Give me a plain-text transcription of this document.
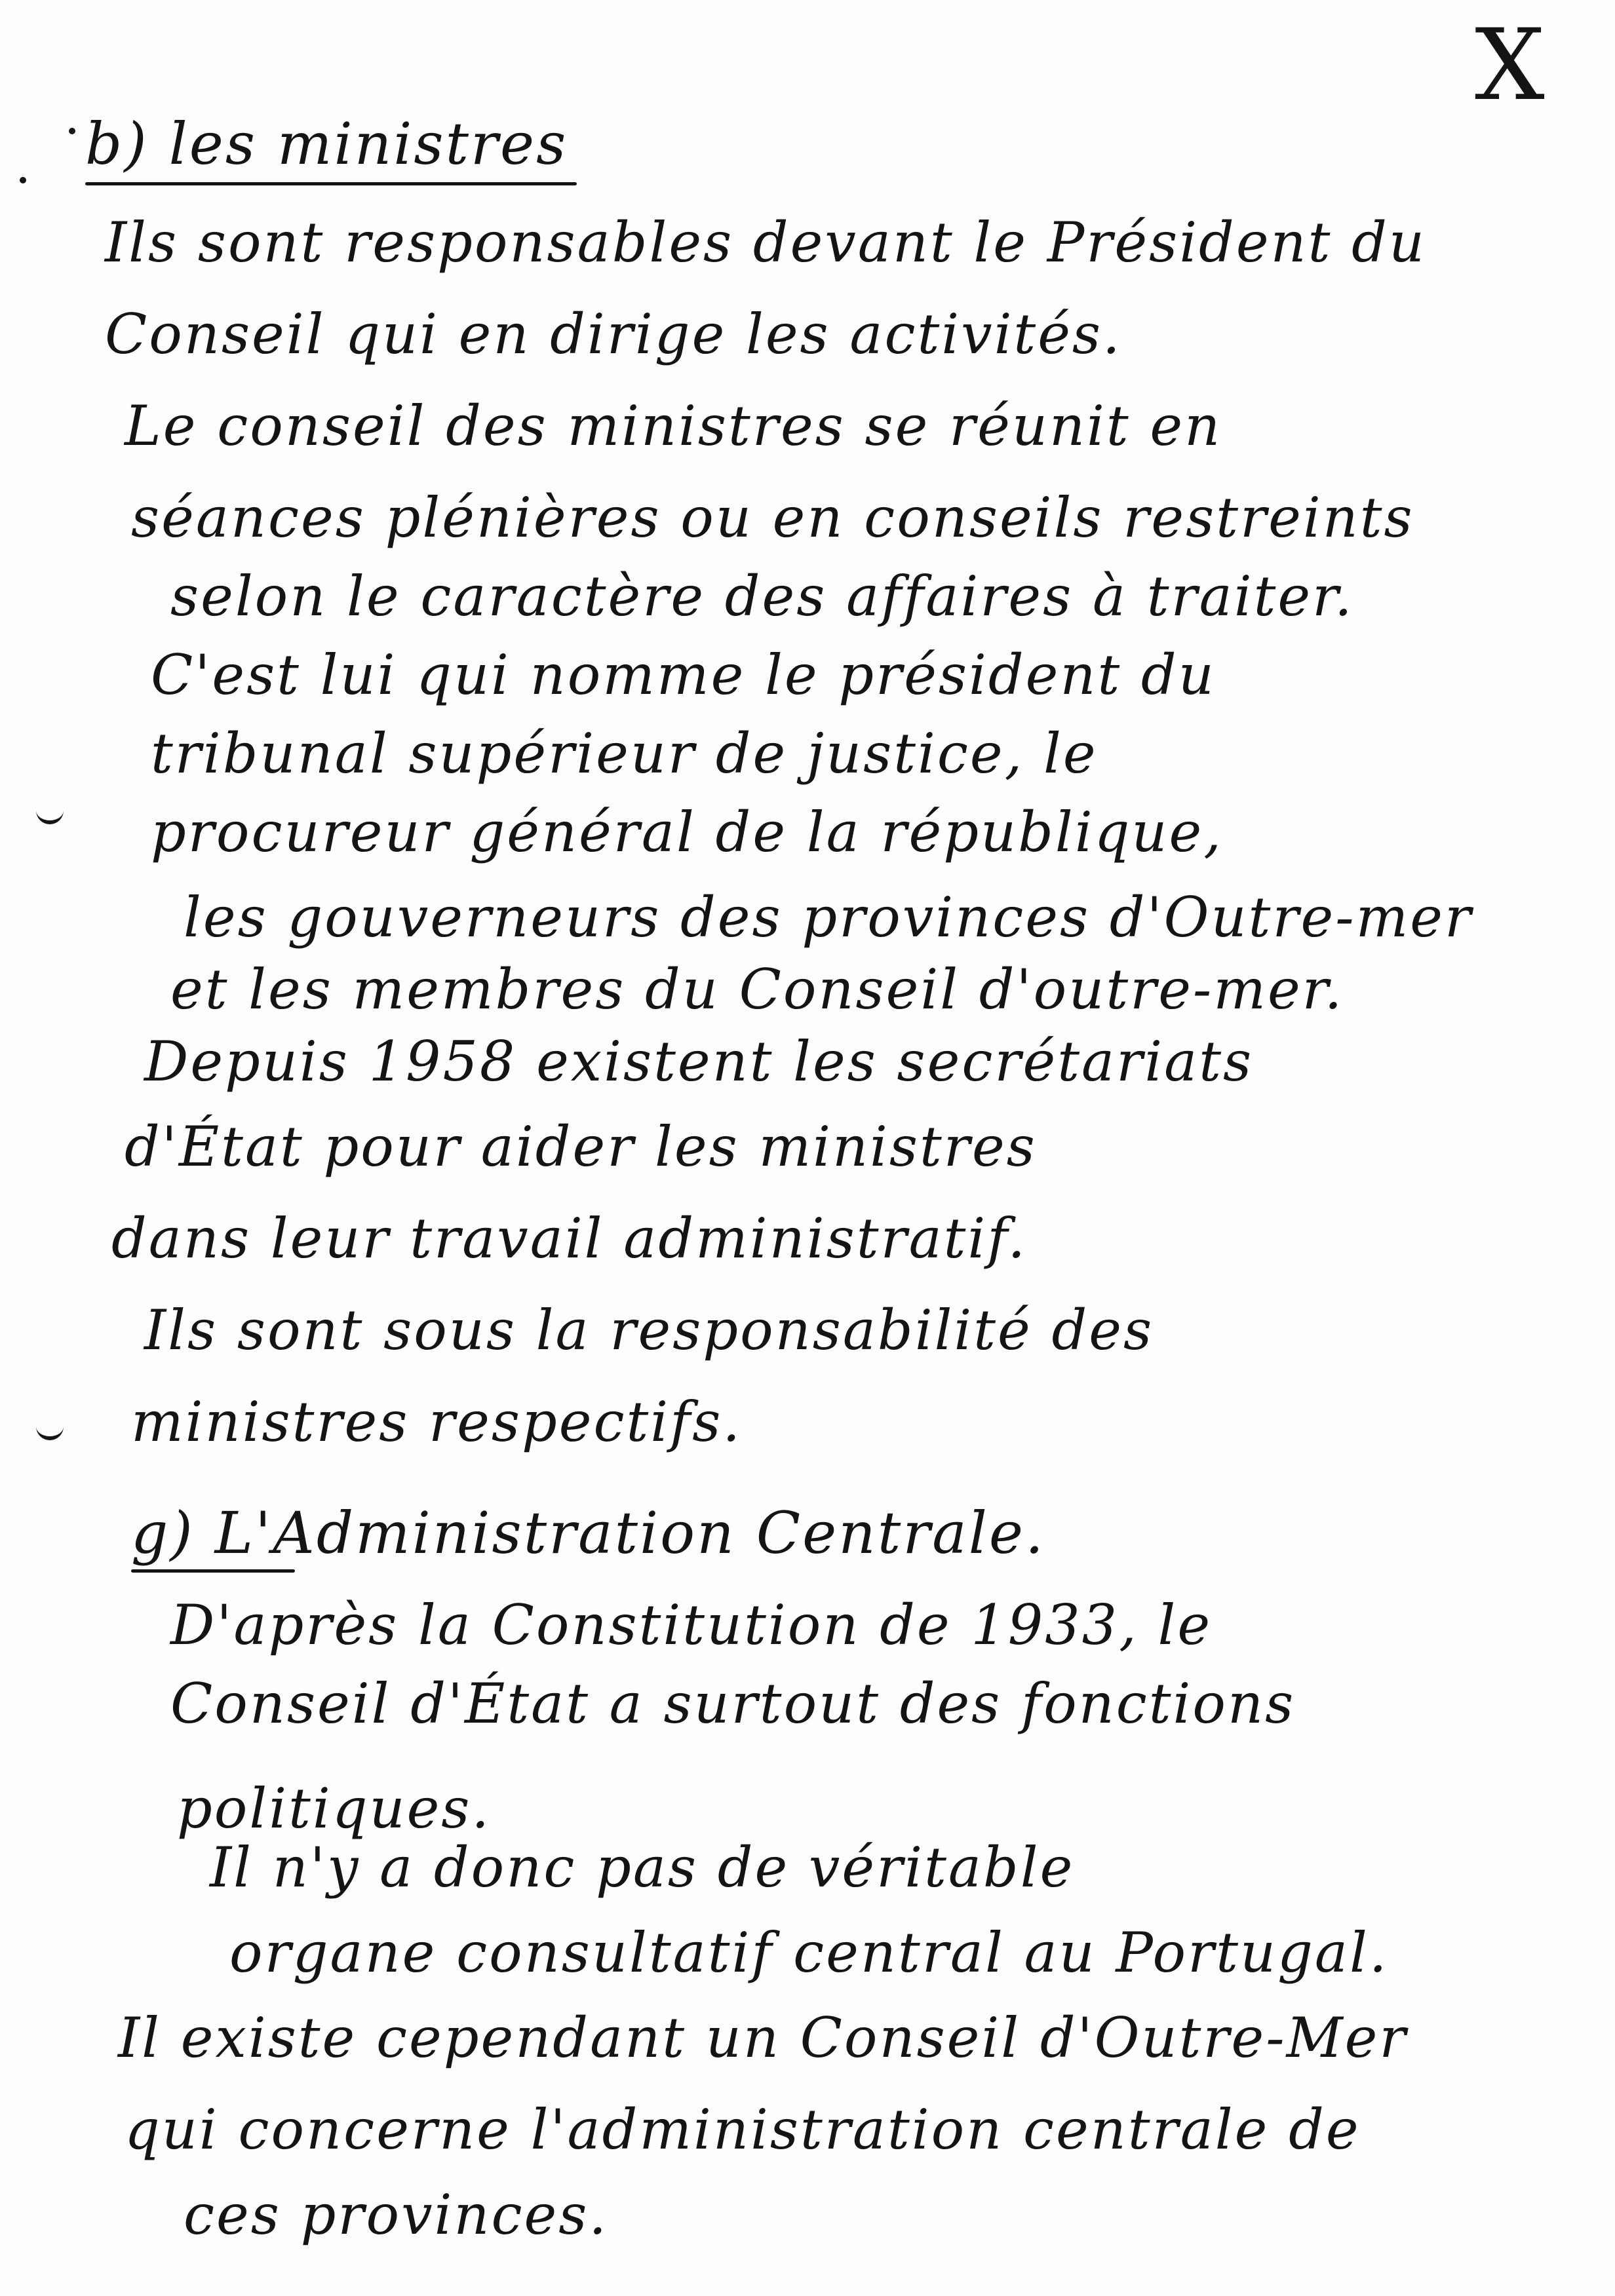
X
b) les ministres
Ils sont responsables devant le Président du
Conseil qui en dirige les activités.
Le conseil des ministres se réunit en
séances plénières ou en conseils restreints
selon le caractère des affaires à traiter.
C'est lui qui nomme le président du
tribunal supérieur de justice, le
procureur général de la république,
les gouverneurs des provinces d'Outre-mer
et les membres du Conseil d'outre-mer.
Depuis 1958 existent les secrétariats
d'État pour aider les ministres
dans leur travail administratif.
Ils sont sous la responsabilité des
ministres respectifs.
g) L'Administration Centrale.
D'après la Constitution de 1933, le
Conseil d'État a surtout des fonctions
politiques.
Il n'y a donc pas de véritable
organe consultatif central au Portugal.
Il existe cependant un Conseil d'Outre-Mer
qui concerne l'administration centrale de
ces provinces.
